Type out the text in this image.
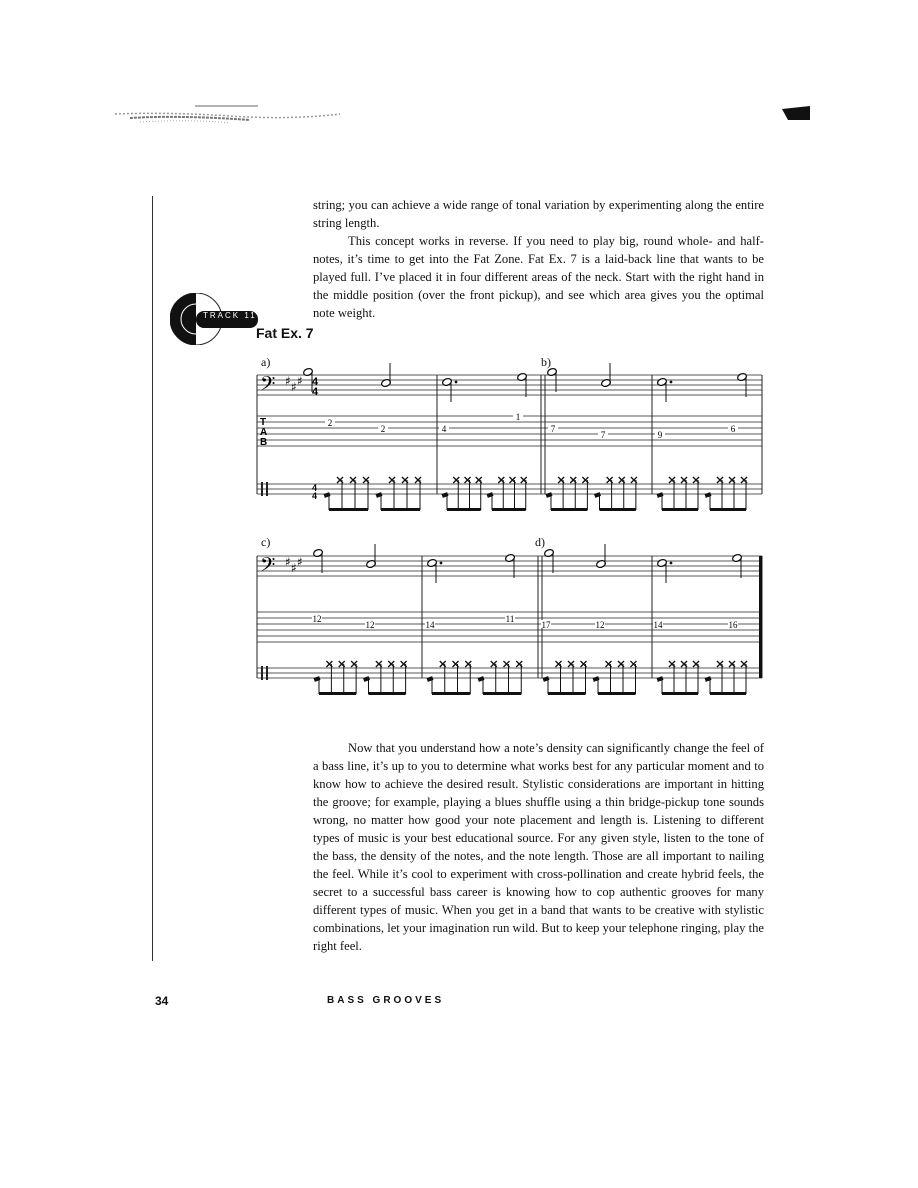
string; you can achieve a wide range of tonal variation by experimenting along the entire string length.

This concept works in reverse. If you need to play big, round whole- and half-notes, it’s time to get into the Fat Zone. Fat Ex. 7 is a laid-back line that wants to be played full. I’ve placed it in four different areas of the neck. Start with the right hand in the middle position (over the front pickup), and see which area gives you the optimal note weight.

TRACK 11
Fat Ex. 7
a)	b)
c)	d)
𝄢 ♯ ♯ ♯
T
A
B
4
4
4
4
2
2	4
1
7
7	9
6
𝄢 ♯ ♯ ♯
12
12	14
11
17	12	14	16

Now that you understand how a note’s density can significantly change the feel of a bass line, it’s up to you to determine what works best for any particular moment and to know how to achieve the desired result. Stylistic considerations are important in hitting the groove; for example, playing a blues shuffle using a thin bridge-pickup tone sounds wrong, no matter how good your note placement and length is. Listening to different types of music is your best educational source. For any given style, listen to the tone of the bass, the density of the notes, and the note length. Those are all important to nailing the feel. While it’s cool to experiment with cross-pollination and create hybrid feels, the secret to a successful bass career is knowing how to cop authentic grooves for many different types of music. When you get in a band that wants to be creative with stylistic combinations, let your imagination run wild. But to keep your telephone ringing, play the right feel.

34	BASS GROOVES
